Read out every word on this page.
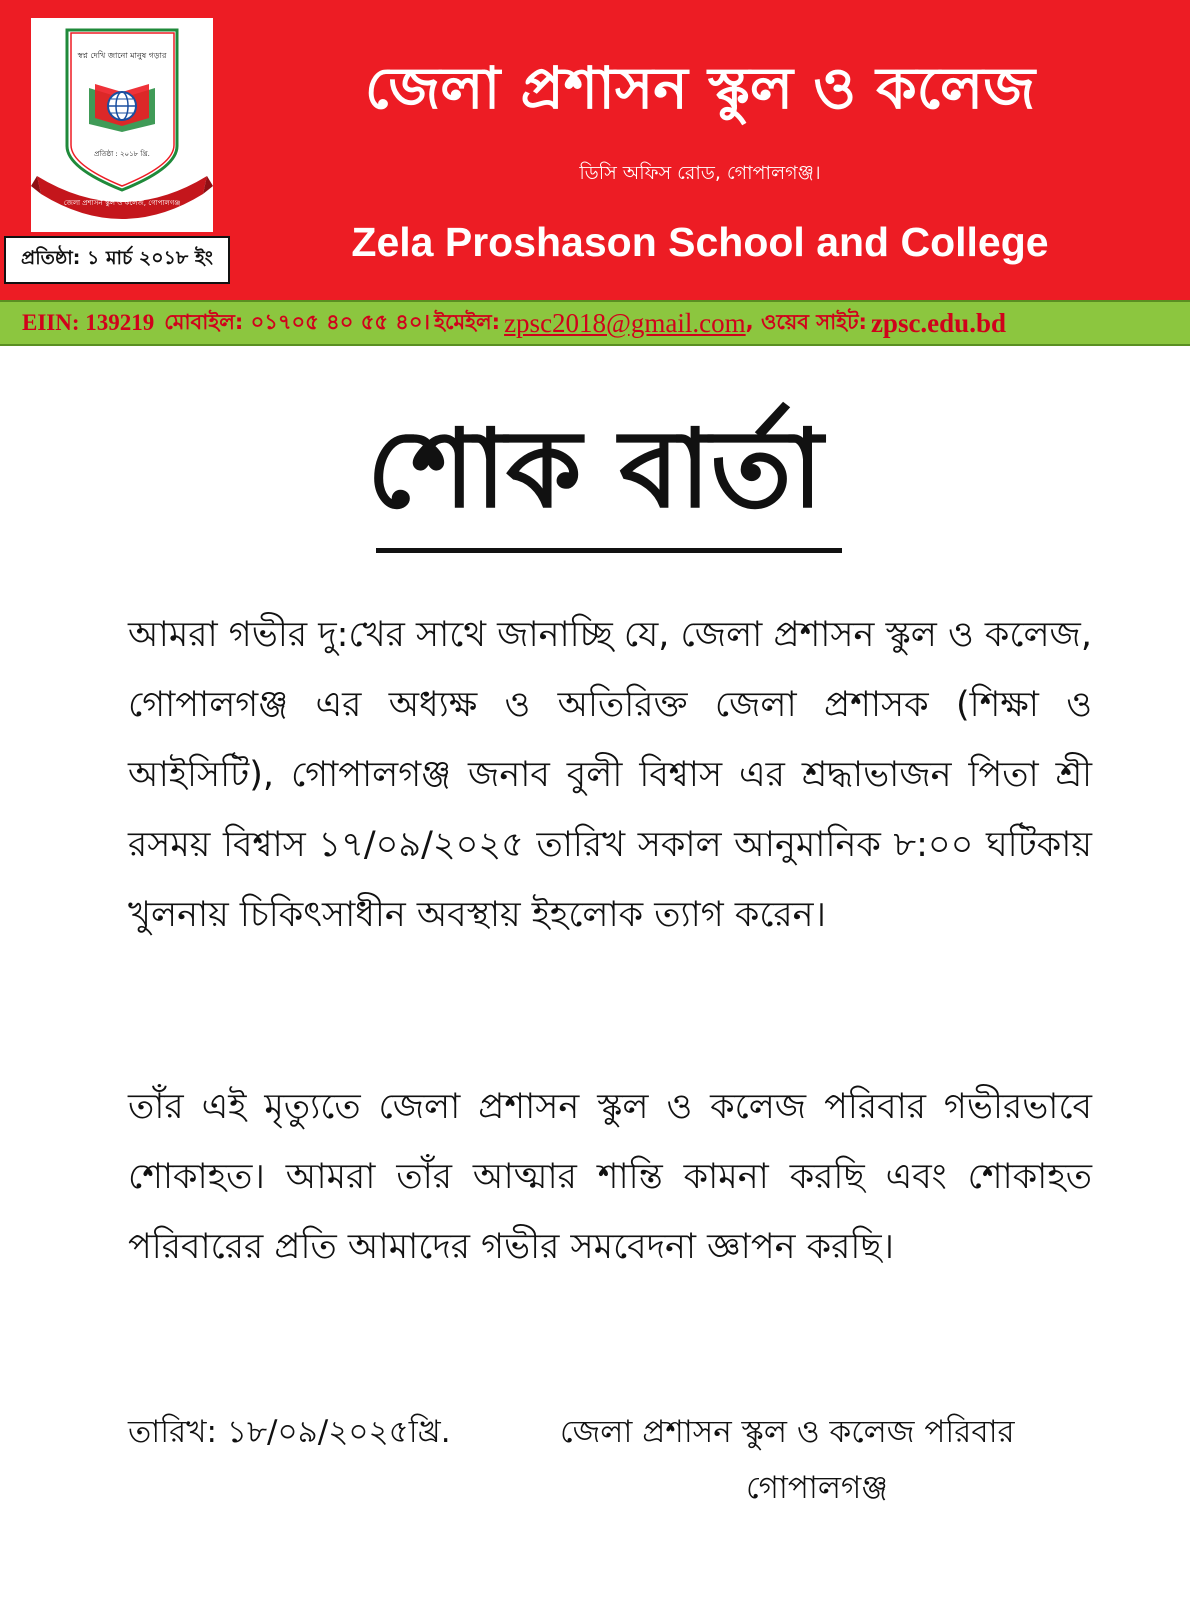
স্বপ্ন দেখি জানো মানুষ গড়ার
প্রতিষ্ঠা : ২০১৮ খ্রি.
জেলা প্রশাসন স্কুল ও কলেজ, গোপালগঞ্জ
প্রতিষ্ঠা: ১ মার্চ ২০১৮ ইং
জেলা প্রশাসন স্কুল ও কলেজ
ডিসি অফিস রোড, গোপালগঞ্জ।
Zela Proshason School and College
EIIN: 139219 মোবাইল: ০১৭০৫ ৪০ ৫৫ ৪০। ইমেইল: zpsc2018@gmail.com , ওয়েব সাইট: zpsc.edu.bd
শোক বার্তা
আমরা গভীর দু:খের সাথে জানাচ্ছি যে, জেলা প্রশাসন স্কুল ও কলেজ, গোপালগঞ্জ এর অধ্যক্ষ ও অতিরিক্ত জেলা প্রশাসক (শিক্ষা ও আইসিটি), গোপালগঞ্জ জনাব বুলী বিশ্বাস এর শ্রদ্ধাভাজন পিতা শ্রী রসময় বিশ্বাস ১৭/০৯/২০২৫ তারিখ সকাল আনুমানিক ৮:০০ ঘটিকায় খুলনায় চিকিৎসাধীন অবস্থায় ইহলোক ত্যাগ করেন।
তাঁর এই মৃত্যুতে জেলা প্রশাসন স্কুল ও কলেজ পরিবার গভীরভাবে শোকাহত। আমরা তাঁর আত্মার শান্তি কামনা করছি এবং শোকাহত পরিবারের প্রতি আমাদের গভীর সমবেদনা জ্ঞাপন করছি।
তারিখ: ১৮/০৯/২০২৫খ্রি.	জেলা প্রশাসন স্কুল ও কলেজ পরিবার
গোপালগঞ্জ
